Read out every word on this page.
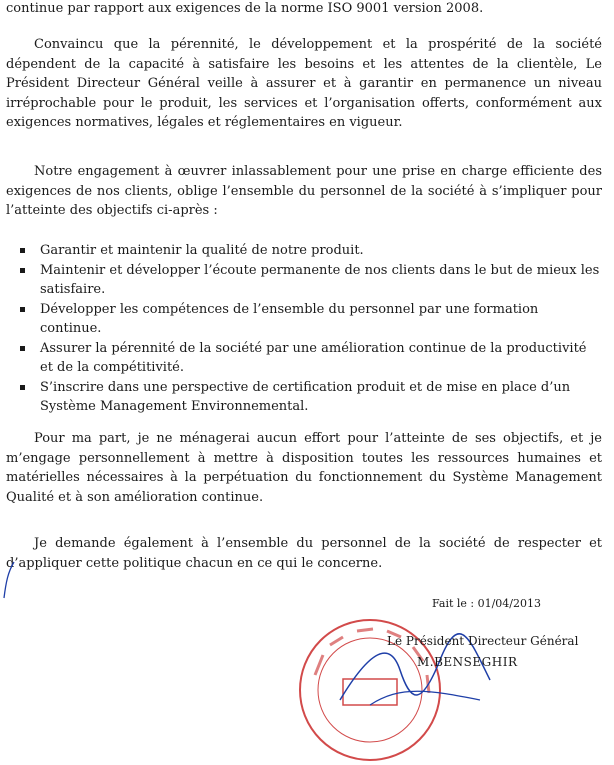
continue par rapport aux exigences de la norme ISO 9001 version 2008.

Convaincu que la pérennité, le développement et la prospérité de la société dépendent de la capacité à satisfaire les besoins et les attentes de la clientèle, Le Président Directeur Général veille à assurer et à garantir en permanence un niveau irréprochable pour le produit, les services et l’organisation offerts, conformément aux exigences normatives, légales et réglementaires en vigueur.

Notre engagement à œuvrer inlassablement pour une prise en charge efficiente des exigences de nos clients, oblige l’ensemble du personnel de la société à s’impliquer pour l’atteinte des objectifs ci-après :

Garantir et maintenir la qualité de notre produit.
Maintenir et développer l’écoute permanente de nos clients dans le but de mieux les satisfaire.
Développer les compétences de l’ensemble du personnel par une formation continue.
Assurer la pérennité de la société par une amélioration continue de la productivité et de la compétitivité.
S’inscrire dans une perspective de certification produit et de mise en place d’un Système Management Environnemental.

Pour ma part, je ne ménagerai aucun effort pour l’atteinte de ses objectifs, et je m’engage personnellement à mettre à disposition toutes les ressources humaines et matérielles nécessaires à la perpétuation du fonctionnement du Système Management Qualité et à son amélioration continue.

Je demande également à l’ensemble du personnel de la société de respecter et d’appliquer cette politique chacun en ce qui le concerne.

Fait le : 01/04/2013
Le Président Directeur Général
M.BENSEGHIR
